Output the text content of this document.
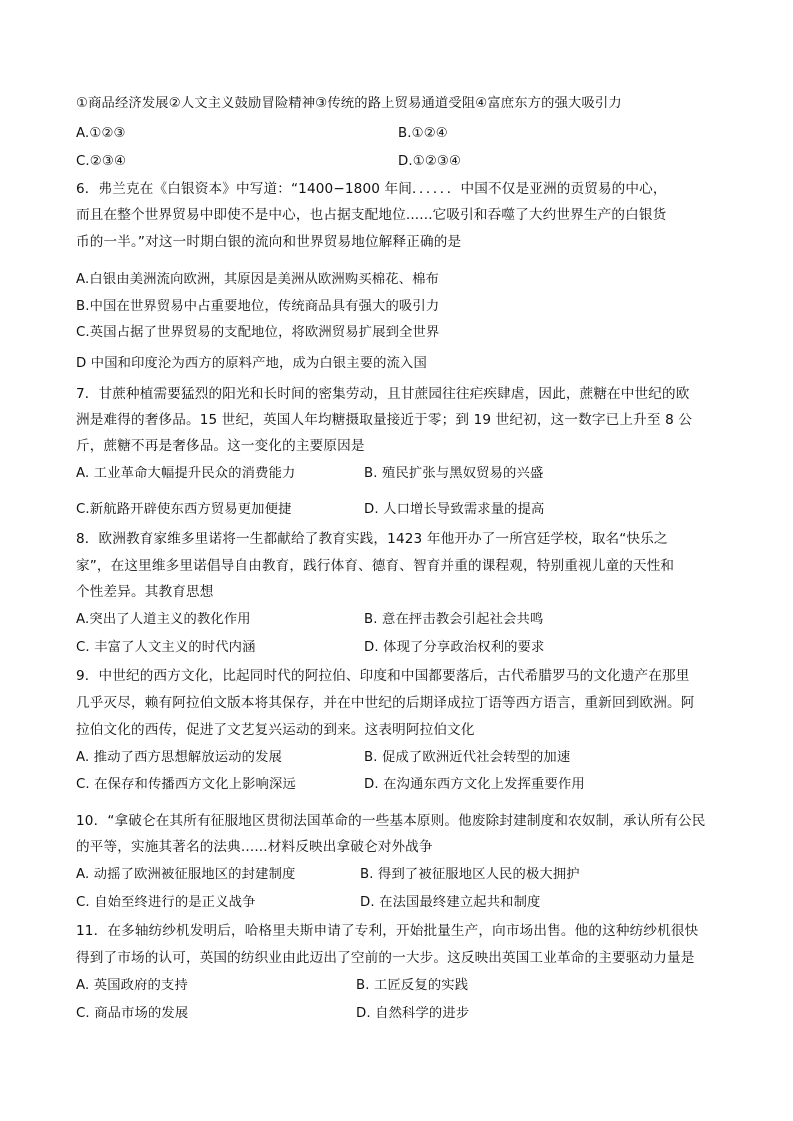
①商品经济发展②人文主义鼓励冒险精神③传统的路上贸易通道受阻④富庶东方的强大吸引力
A.①②③	B.①②④
C.②③④	D.①②③④
6．弗兰克在《白银资本》中写道：“1400−1800 年间．．．．．．中国不仅是亚洲的贡贸易的中心，
而且在整个世界贸易中即使不是中心，也占据支配地位......它吸引和吞噬了大约世界生产的白银货
币的一半。”对这一时期白银的流向和世界贸易地位解释正确的是
A.白银由美洲流向欧洲，其原因是美洲从欧洲购买棉花、棉布
B.中国在世界贸易中占重要地位，传统商品具有强大的吸引力
C.英国占据了世界贸易的支配地位，将欧洲贸易扩展到全世界
D 中国和印度沦为西方的原料产地，成为白银主要的流入国
7．甘蔗种植需要猛烈的阳光和长时间的密集劳动，且甘蔗园往往疟疾肆虐，因此，蔗糖在中世纪的欧
洲是难得的奢侈品。15 世纪，英国人年均糖摄取量接近于零；到 19 世纪初，这一数字已上升至 8 公
斤，蔗糖不再是奢侈品。这一变化的主要原因是
A. 工业革命大幅提升民众的消费能力	B. 殖民扩张与黑奴贸易的兴盛
C.新航路开辟使东西方贸易更加便捷	D. 人口增长导致需求量的提高
8．欧洲教育家维多里诺将一生都献给了教育实践，1423 年他开办了一所宫廷学校，取名“快乐之
家”，在这里维多里诺倡导自由教育，践行体育、德育、智育并重的课程观，特别重视儿童的天性和
个性差异。其教育思想
A.突出了人道主义的教化作用	B. 意在抨击教会引起社会共鸣
C. 丰富了人文主义的时代内涵	D. 体现了分享政治权利的要求
9．中世纪的西方文化，比起同时代的阿拉伯、印度和中国都要落后，古代希腊罗马的文化遗产在那里
几乎灭尽，赖有阿拉伯文版本将其保存，并在中世纪的后期译成拉丁语等西方语言，重新回到欧洲。阿
拉伯文化的西传，促进了文艺复兴运动的到来。这表明阿拉伯文化
A. 推动了西方思想解放运动的发展	B. 促成了欧洲近代社会转型的加速
C. 在保存和传播西方文化上影响深远	D. 在沟通东西方文化上发挥重要作用
10．“拿破仑在其所有征服地区贯彻法国革命的一些基本原则。他废除封建制度和农奴制，承认所有公民
的平等，实施其著名的法典......材料反映出拿破仑对外战争
A. 动摇了欧洲被征服地区的封建制度	B. 得到了被征服地区人民的极大拥护
C. 自始至终进行的是正义战争	D. 在法国最终建立起共和制度
11．在多轴纺纱机发明后，哈格里夫斯申请了专利，开始批量生产，向市场出售。他的这种纺纱机很快
得到了市场的认可，英国的纺织业由此迈出了空前的一大步。这反映出英国工业革命的主要驱动力量是
A. 英国政府的支持	B. 工匠反复的实践
C. 商品市场的发展	D. 自然科学的进步
